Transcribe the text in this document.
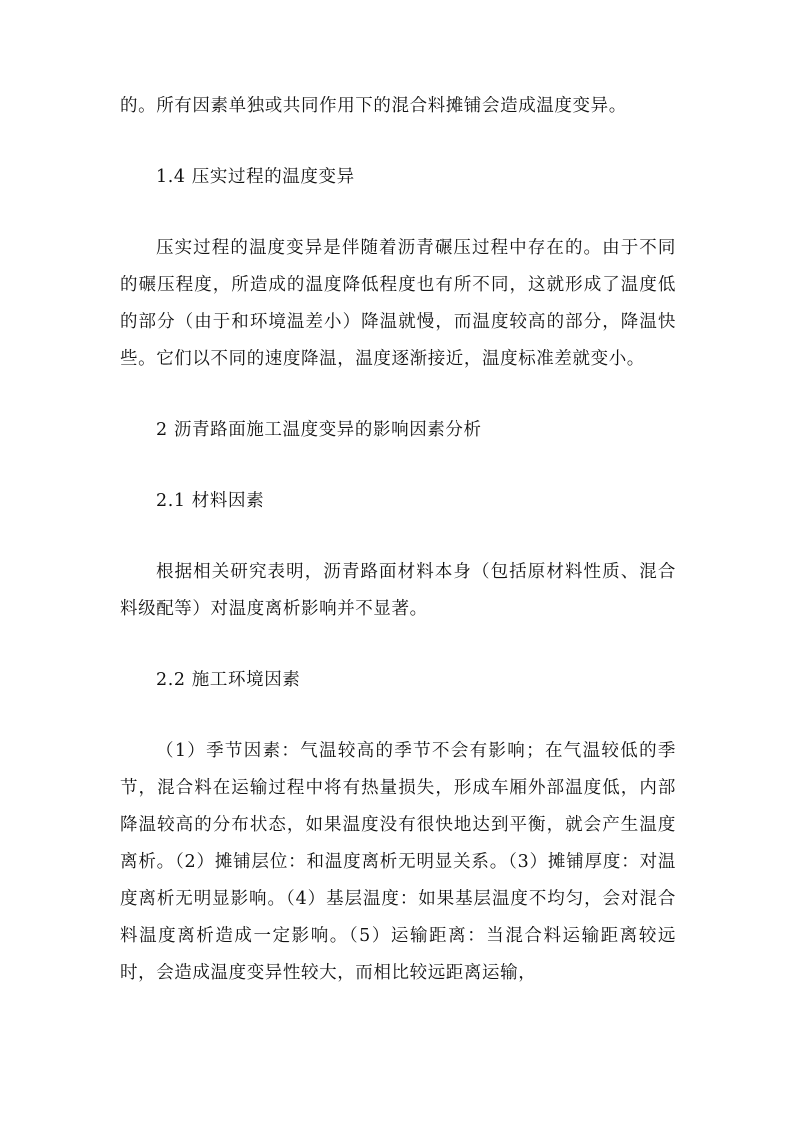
的。所有因素单独或共同作用下的混合料摊铺会造成温度变异。

1.4 压实过程的温度变异

压实过程的温度变异是伴随着沥青碾压过程中存在的。由于不同的碾压程度，所造成的温度降低程度也有所不同，这就形成了温度低的部分（由于和环境温差小）降温就慢，而温度较高的部分，降温快些。它们以不同的速度降温，温度逐渐接近，温度标准差就变小。

2 沥青路面施工温度变异的影响因素分析

2.1 材料因素

根据相关研究表明，沥青路面材料本身（包括原材料性质、混合料级配等）对温度离析影响并不显著。

2.2 施工环境因素

（1）季节因素：气温较高的季节不会有影响；在气温较低的季节，混合料在运输过程中将有热量损失，形成车厢外部温度低，内部降温较高的分布状态，如果温度没有很快地达到平衡，就会产生温度离析。（2）摊铺层位：和温度离析无明显关系。（3）摊铺厚度：对温度离析无明显影响。（4）基层温度：如果基层温度不均匀，会对混合料温度离析造成一定影响。（5）运输距离：当混合料运输距离较远时，会造成温度变异性较大，而相比较远距离运输，
